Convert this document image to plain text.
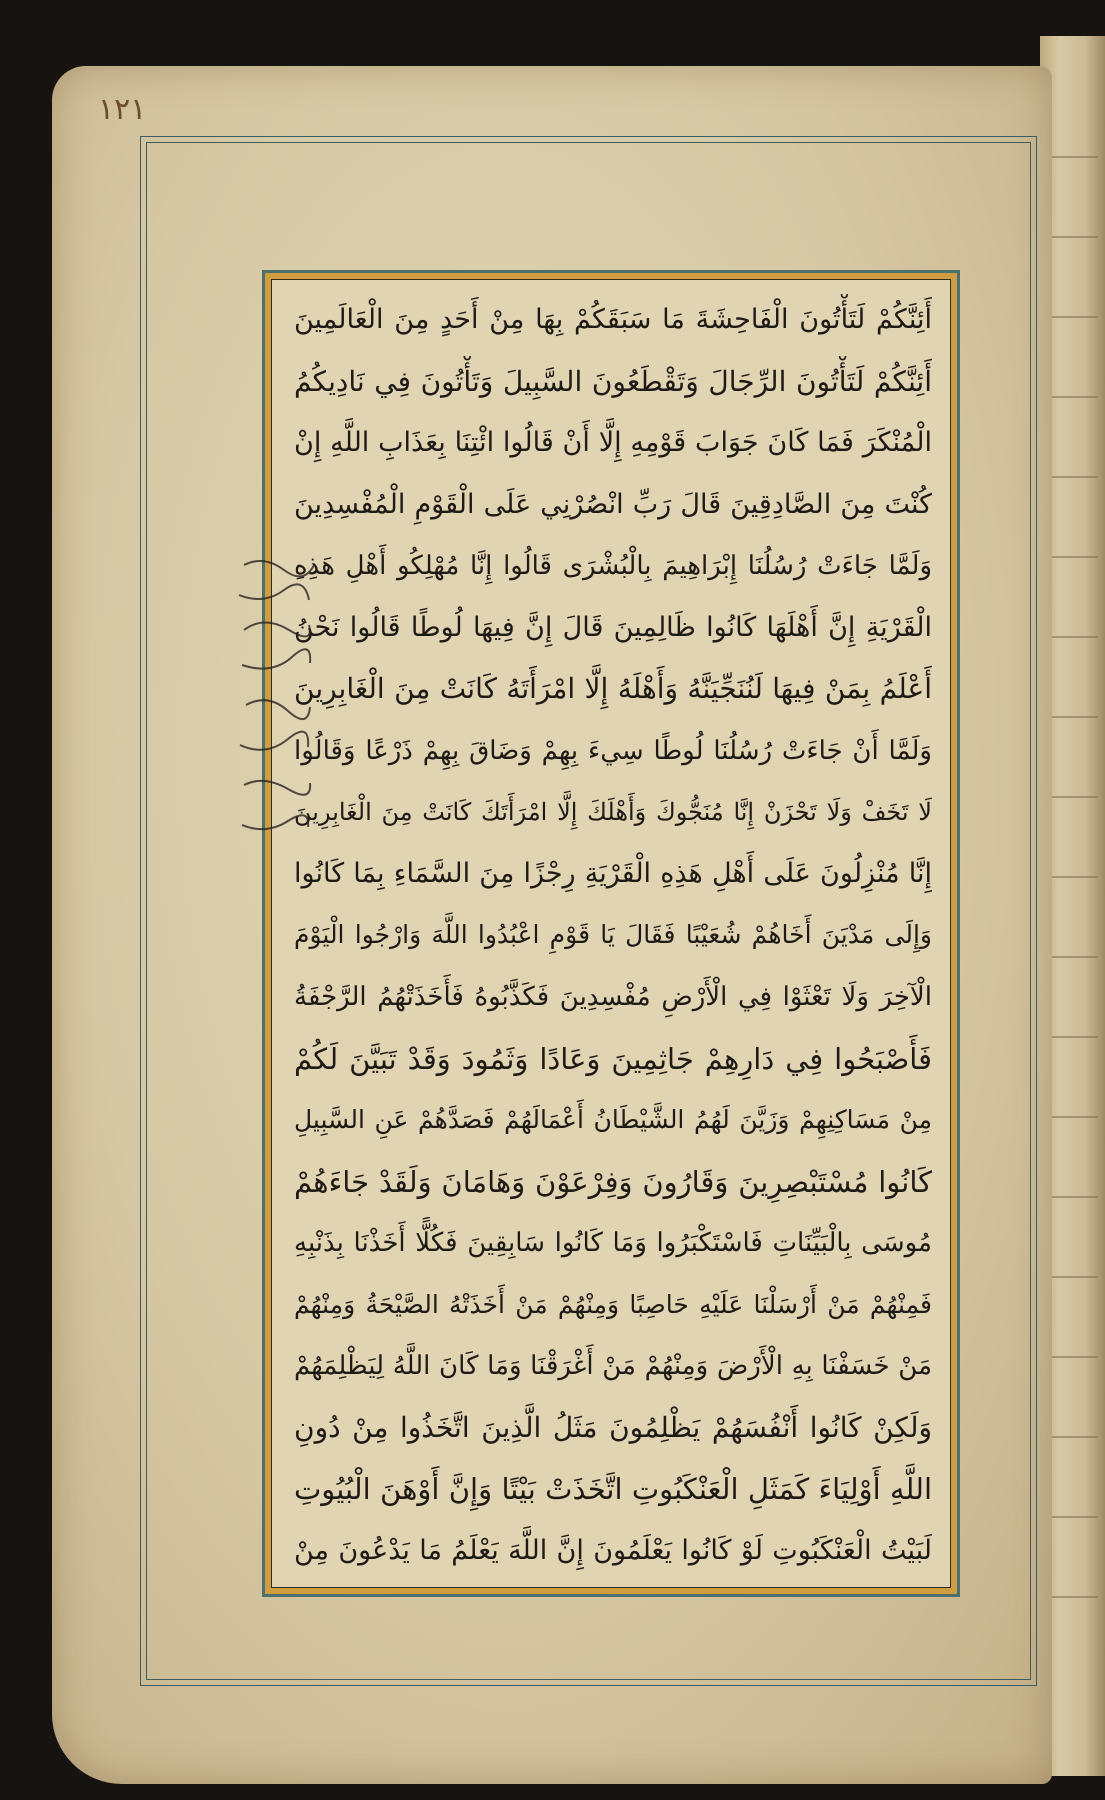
١٢١
أَئِنَّكُمْ لَتَأْتُونَ الْفَاحِشَةَ مَا سَبَقَكُمْ بِهَا مِنْ أَحَدٍ مِنَ الْعَالَمِينَ
أَئِنَّكُمْ لَتَأْتُونَ الرِّجَالَ وَتَقْطَعُونَ السَّبِيلَ وَتَأْتُونَ فِي نَادِيكُمُ
الْمُنْكَرَ فَمَا كَانَ جَوَابَ قَوْمِهِ إِلَّا أَنْ قَالُوا ائْتِنَا بِعَذَابِ اللَّهِ إِنْ
كُنْتَ مِنَ الصَّادِقِينَ قَالَ رَبِّ انْصُرْنِي عَلَى الْقَوْمِ الْمُفْسِدِينَ
وَلَمَّا جَاءَتْ رُسُلُنَا إِبْرَاهِيمَ بِالْبُشْرَى قَالُوا إِنَّا مُهْلِكُو أَهْلِ هَذِهِ
الْقَرْيَةِ إِنَّ أَهْلَهَا كَانُوا ظَالِمِينَ قَالَ إِنَّ فِيهَا لُوطًا قَالُوا نَحْنُ
أَعْلَمُ بِمَنْ فِيهَا لَنُنَجِّيَنَّهُ وَأَهْلَهُ إِلَّا امْرَأَتَهُ كَانَتْ مِنَ الْغَابِرِينَ
وَلَمَّا أَنْ جَاءَتْ رُسُلُنَا لُوطًا سِيءَ بِهِمْ وَضَاقَ بِهِمْ ذَرْعًا وَقَالُوا
لَا تَخَفْ وَلَا تَحْزَنْ إِنَّا مُنَجُّوكَ وَأَهْلَكَ إِلَّا امْرَأَتَكَ كَانَتْ مِنَ الْغَابِرِينَ
إِنَّا مُنْزِلُونَ عَلَى أَهْلِ هَذِهِ الْقَرْيَةِ رِجْزًا مِنَ السَّمَاءِ بِمَا كَانُوا
وَإِلَى مَدْيَنَ أَخَاهُمْ شُعَيْبًا فَقَالَ يَا قَوْمِ اعْبُدُوا اللَّهَ وَارْجُوا الْيَوْمَ
الْآخِرَ وَلَا تَعْثَوْا فِي الْأَرْضِ مُفْسِدِينَ فَكَذَّبُوهُ فَأَخَذَتْهُمُ الرَّجْفَةُ
فَأَصْبَحُوا فِي دَارِهِمْ جَاثِمِينَ وَعَادًا وَثَمُودَ وَقَدْ تَبَيَّنَ لَكُمْ
مِنْ مَسَاكِنِهِمْ وَزَيَّنَ لَهُمُ الشَّيْطَانُ أَعْمَالَهُمْ فَصَدَّهُمْ عَنِ السَّبِيلِ
كَانُوا مُسْتَبْصِرِينَ وَقَارُونَ وَفِرْعَوْنَ وَهَامَانَ وَلَقَدْ جَاءَهُمْ
مُوسَى بِالْبَيِّنَاتِ فَاسْتَكْبَرُوا وَمَا كَانُوا سَابِقِينَ فَكُلًّا أَخَذْنَا بِذَنْبِهِ
فَمِنْهُمْ مَنْ أَرْسَلْنَا عَلَيْهِ حَاصِبًا وَمِنْهُمْ مَنْ أَخَذَتْهُ الصَّيْحَةُ وَمِنْهُمْ
مَنْ خَسَفْنَا بِهِ الْأَرْضَ وَمِنْهُمْ مَنْ أَغْرَقْنَا وَمَا كَانَ اللَّهُ لِيَظْلِمَهُمْ
وَلَكِنْ كَانُوا أَنْفُسَهُمْ يَظْلِمُونَ مَثَلُ الَّذِينَ اتَّخَذُوا مِنْ دُونِ
اللَّهِ أَوْلِيَاءَ كَمَثَلِ الْعَنْكَبُوتِ اتَّخَذَتْ بَيْتًا وَإِنَّ أَوْهَنَ الْبُيُوتِ
لَبَيْتُ الْعَنْكَبُوتِ لَوْ كَانُوا يَعْلَمُونَ إِنَّ اللَّهَ يَعْلَمُ مَا يَدْعُونَ مِنْ
